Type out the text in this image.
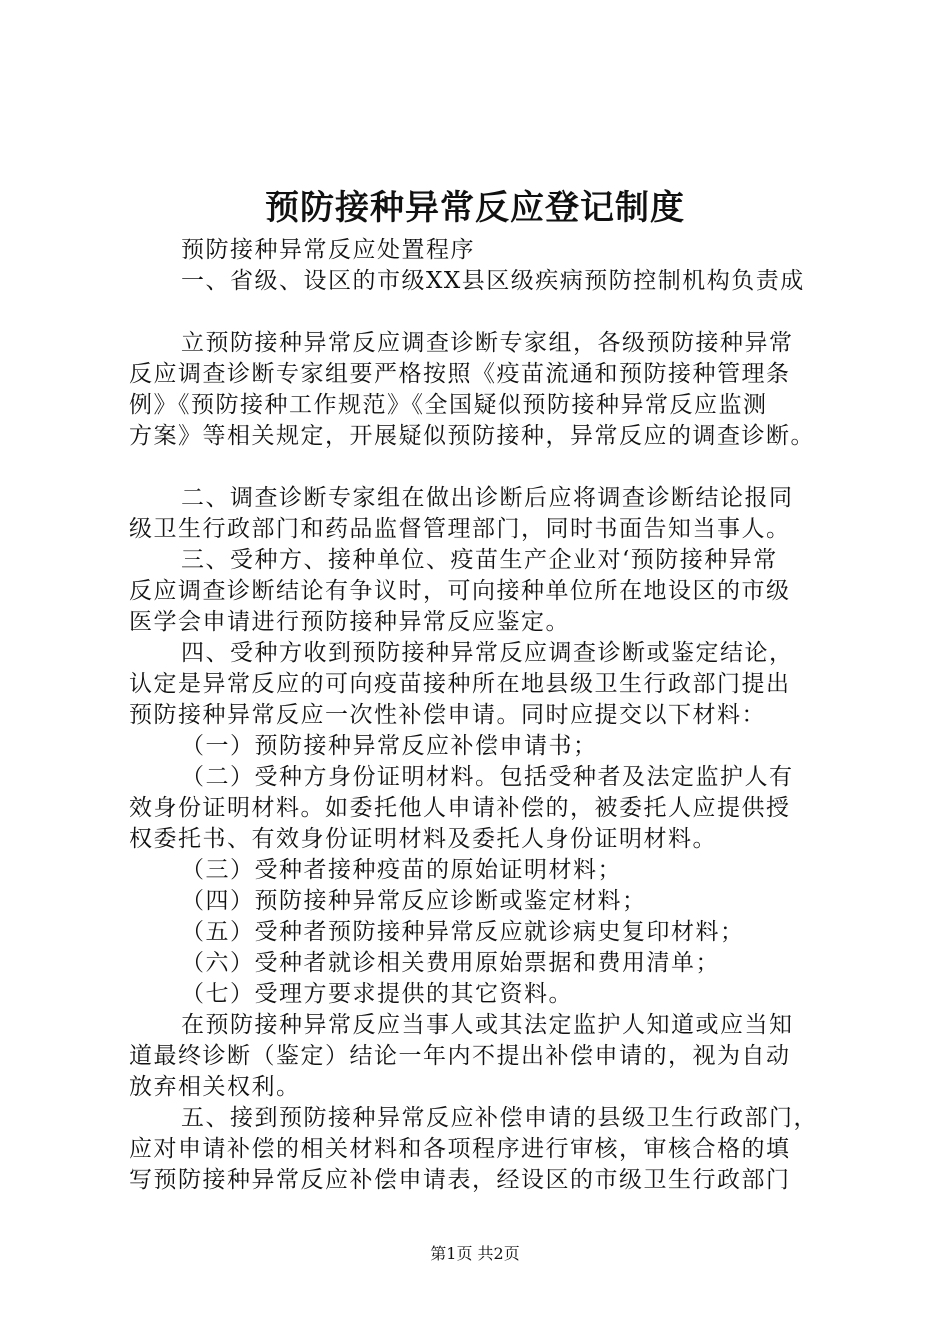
预防接种异常反应登记制度
预防接种异常反应处置程序
一、省级、设区的市级XX县区级疾病预防控制机构负责成
立预防接种异常反应调查诊断专家组，各级预防接种异常
反应调查诊断专家组要严格按照《疫苗流通和预防接种管理条
例》《预防接种工作规范》《全国疑似预防接种异常反应监测
方案》等相关规定，开展疑似预防接种，异常反应的调查诊断。
二、调查诊断专家组在做出诊断后应将调查诊断结论报同
级卫生行政部门和药品监督管理部门，同时书面告知当事人。
三、受种方、接种单位、疫苗生产企业对‘预防接种异常
反应调查诊断结论有争议时，可向接种单位所在地设区的市级
医学会申请进行预防接种异常反应鉴定。
四、受种方收到预防接种异常反应调查诊断或鉴定结论，
认定是异常反应的可向疫苗接种所在地县级卫生行政部门提出
预防接种异常反应一次性补偿申请。同时应提交以下材料：
（一）预防接种异常反应补偿申请书；
（二）受种方身份证明材料。包括受种者及法定监护人有
效身份证明材料。如委托他人申请补偿的，被委托人应提供授
权委托书、有效身份证明材料及委托人身份证明材料。
（三）受种者接种疫苗的原始证明材料；
（四）预防接种异常反应诊断或鉴定材料；
（五）受种者预防接种异常反应就诊病史复印材料；
（六）受种者就诊相关费用原始票据和费用清单；
（七）受理方要求提供的其它资料。
在预防接种异常反应当事人或其法定监护人知道或应当知
道最终诊断（鉴定）结论一年内不提出补偿申请的，视为自动
放弃相关权利。
五、接到预防接种异常反应补偿申请的县级卫生行政部门，
应对申请补偿的相关材料和各项程序进行审核，审核合格的填
写预防接种异常反应补偿申请表，经设区的市级卫生行政部门
第1页 共2页
